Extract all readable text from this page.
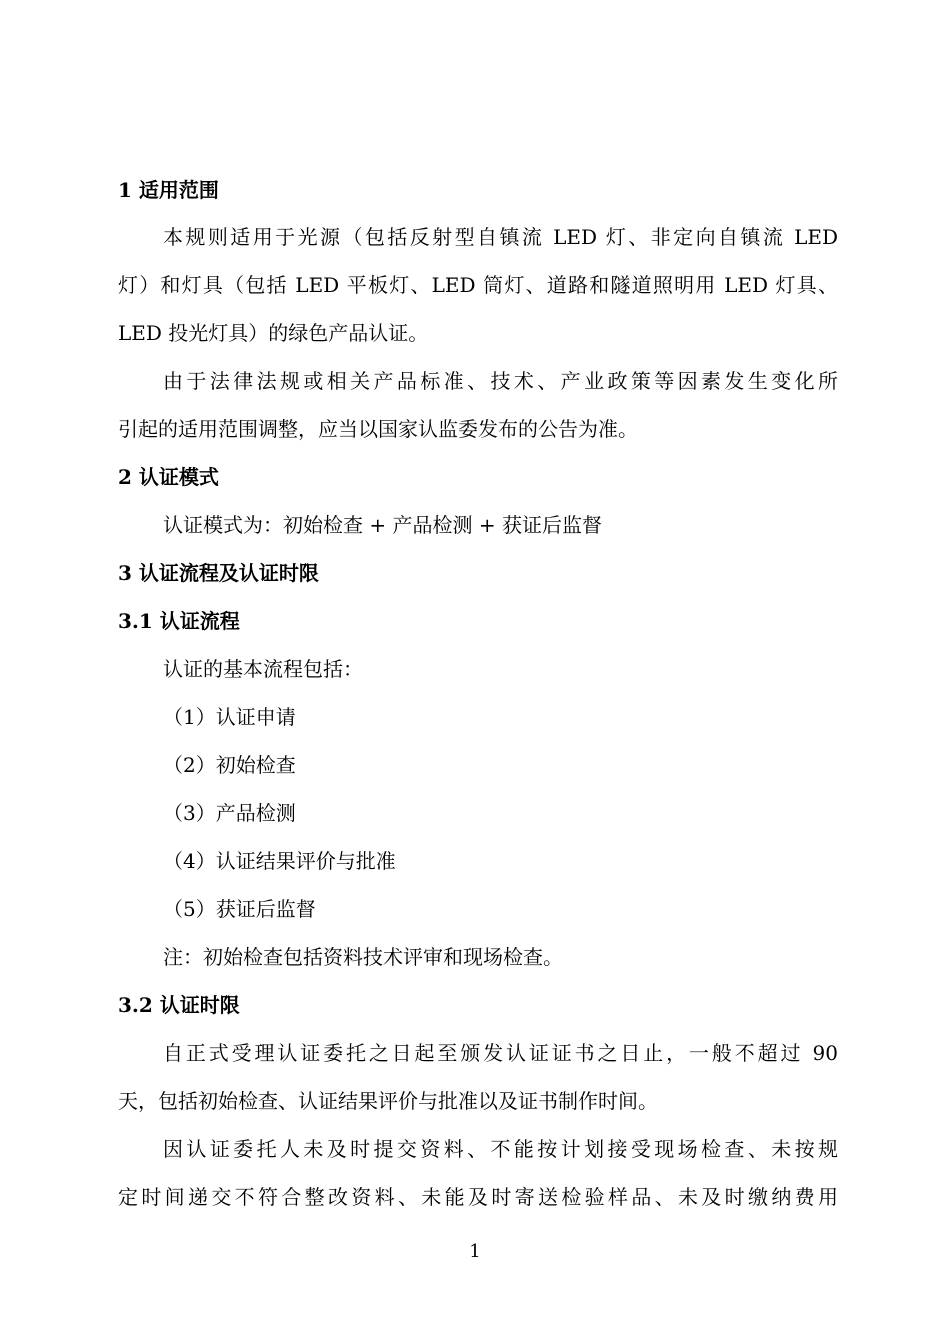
1 适用范围
本规则适用于光源（包括反射型自镇流 LED 灯、非定向自镇流 LED
灯）和灯具（包括 LED 平板灯、LED 筒灯、道路和隧道照明用 LED 灯具、
LED 投光灯具）的绿色产品认证。
由于法律法规或相关产品标准、技术、产业政策等因素发生变化所
引起的适用范围调整，应当以国家认监委发布的公告为准。
2 认证模式
认证模式为：初始检查 + 产品检测 + 获证后监督
3 认证流程及认证时限
3.1 认证流程
认证的基本流程包括：
（1）认证申请
（2）初始检查
（3）产品检测
（4）认证结果评价与批准
（5）获证后监督
注：初始检查包括资料技术评审和现场检查。
3.2 认证时限
自正式受理认证委托之日起至颁发认证证书之日止，一般不超过 90
天，包括初始检查、认证结果评价与批准以及证书制作时间。
因认证委托人未及时提交资料、不能按计划接受现场检查、未按规
定时间递交不符合整改资料、未能及时寄送检验样品、未及时缴纳费用
1
